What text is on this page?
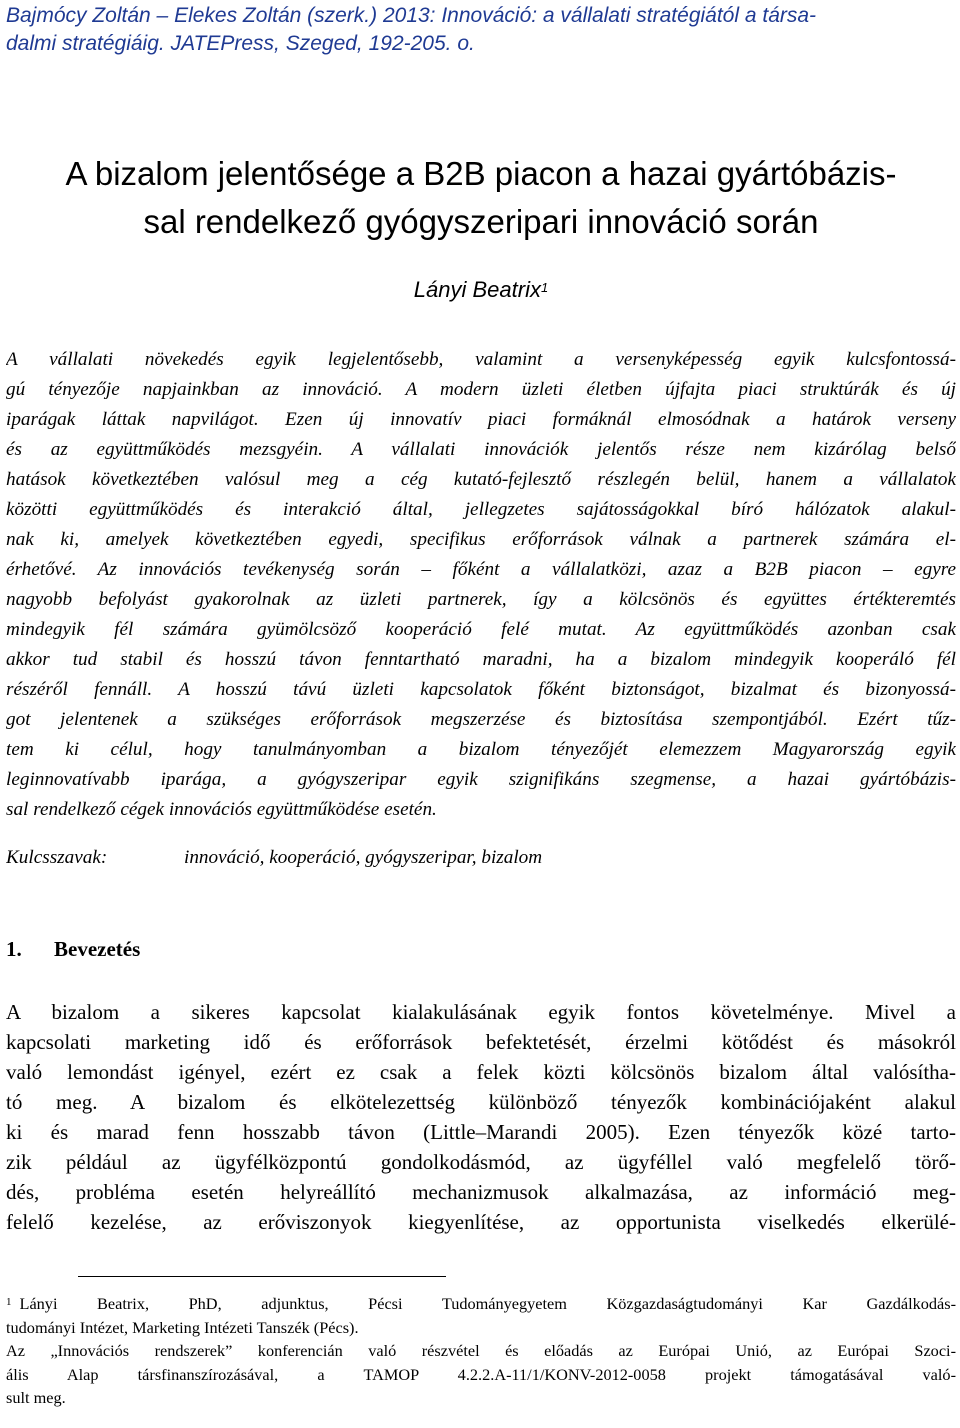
Bajmócy Zoltán – Elekes Zoltán (szerk.) 2013: Innováció: a vállalati stratégiától a társa-
dalmi stratégiáig. JATEPress, Szeged, 192-205. o.
A bizalom jelentősége a B2B piacon a hazai gyártóbázis-
sal rendelkező gyógyszeripari innováció során
Lányi Beatrix$^1$
A vállalati növekedés egyik legjelentősebb, valamint a versenyképesség egyik kulcsfontossá-
gú tényezője napjainkban az innováció. A modern üzleti életben újfajta piaci struktúrák és új
iparágak láttak napvilágot. Ezen új innovatív piaci formáknál elmosódnak a határok verseny
és az együttműködés mezsgyéin. A vállalati innovációk jelentős része nem kizárólag belső
hatások következtében valósul meg a cég kutató-fejlesztő részlegén belül, hanem a vállalatok
közötti együttműködés és interakció által, jellegzetes sajátosságokkal bíró hálózatok alakul-
nak ki, amelyek következtében egyedi, specifikus erőforrások válnak a partnerek számára el-
érhetővé. Az innovációs tevékenység során – főként a vállalatközi, azaz a B2B piacon – egyre
nagyobb befolyást gyakorolnak az üzleti partnerek, így a kölcsönös és együttes értékteremtés
mindegyik fél számára gyümölcsöző kooperáció felé mutat. Az együttműködés azonban csak
akkor tud stabil és hosszú távon fenntartható maradni, ha a bizalom mindegyik kooperáló fél
részéről fennáll. A hosszú távú üzleti kapcsolatok főként biztonságot, bizalmat és bizonyossá-
got jelentenek a szükséges erőforrások megszerzése és biztosítása szempontjából. Ezért tűz-
tem ki célul, hogy tanulmányomban a bizalom tényezőjét elemezzem Magyarország egyik
leginnovatívabb iparága, a gyógyszeripar egyik szignifikáns szegmense, a hazai gyártóbázis-
sal rendelkező cégek innovációs együttműködése esetén.
Kulcsszavak:	innováció, kooperáció, gyógyszeripar, bizalom
1. Bevezetés
A bizalom a sikeres kapcsolat kialakulásának egyik fontos követelménye. Mivel a
kapcsolati marketing idő és erőforrások befektetését, érzelmi kötődést és másokról
való lemondást igényel, ezért ez csak a felek közti kölcsönös bizalom által valósítha-
tó meg. A bizalom és elkötelezettség különböző tényezők kombinációjaként alakul
ki és marad fenn hosszabb távon (Little–Marandi 2005). Ezen tényezők közé tarto-
zik például az ügyfélközpontú gondolkodásmód, az ügyféllel való megfelelő törő-
dés, probléma esetén helyreállító mechanizmusok alkalmazása, az információ meg-
felelő kezelése, az erőviszonyok kiegyenlítése, az opportunista viselkedés elkerülé-
$^1$ Lányi Beatrix, PhD, adjunktus, Pécsi Tudományegyetem Közgazdaságtudományi Kar Gazdálkodás-
tudományi Intézet, Marketing Intézeti Tanszék (Pécs).
Az „Innovációs rendszerek” konferencián való részvétel és előadás az Európai Unió, az Európai Szoci-
ális Alap társfinanszírozásával, a TAMOP 4.2.2.A-11/1/KONV-2012-0058 projekt támogatásával való-
sult meg.
